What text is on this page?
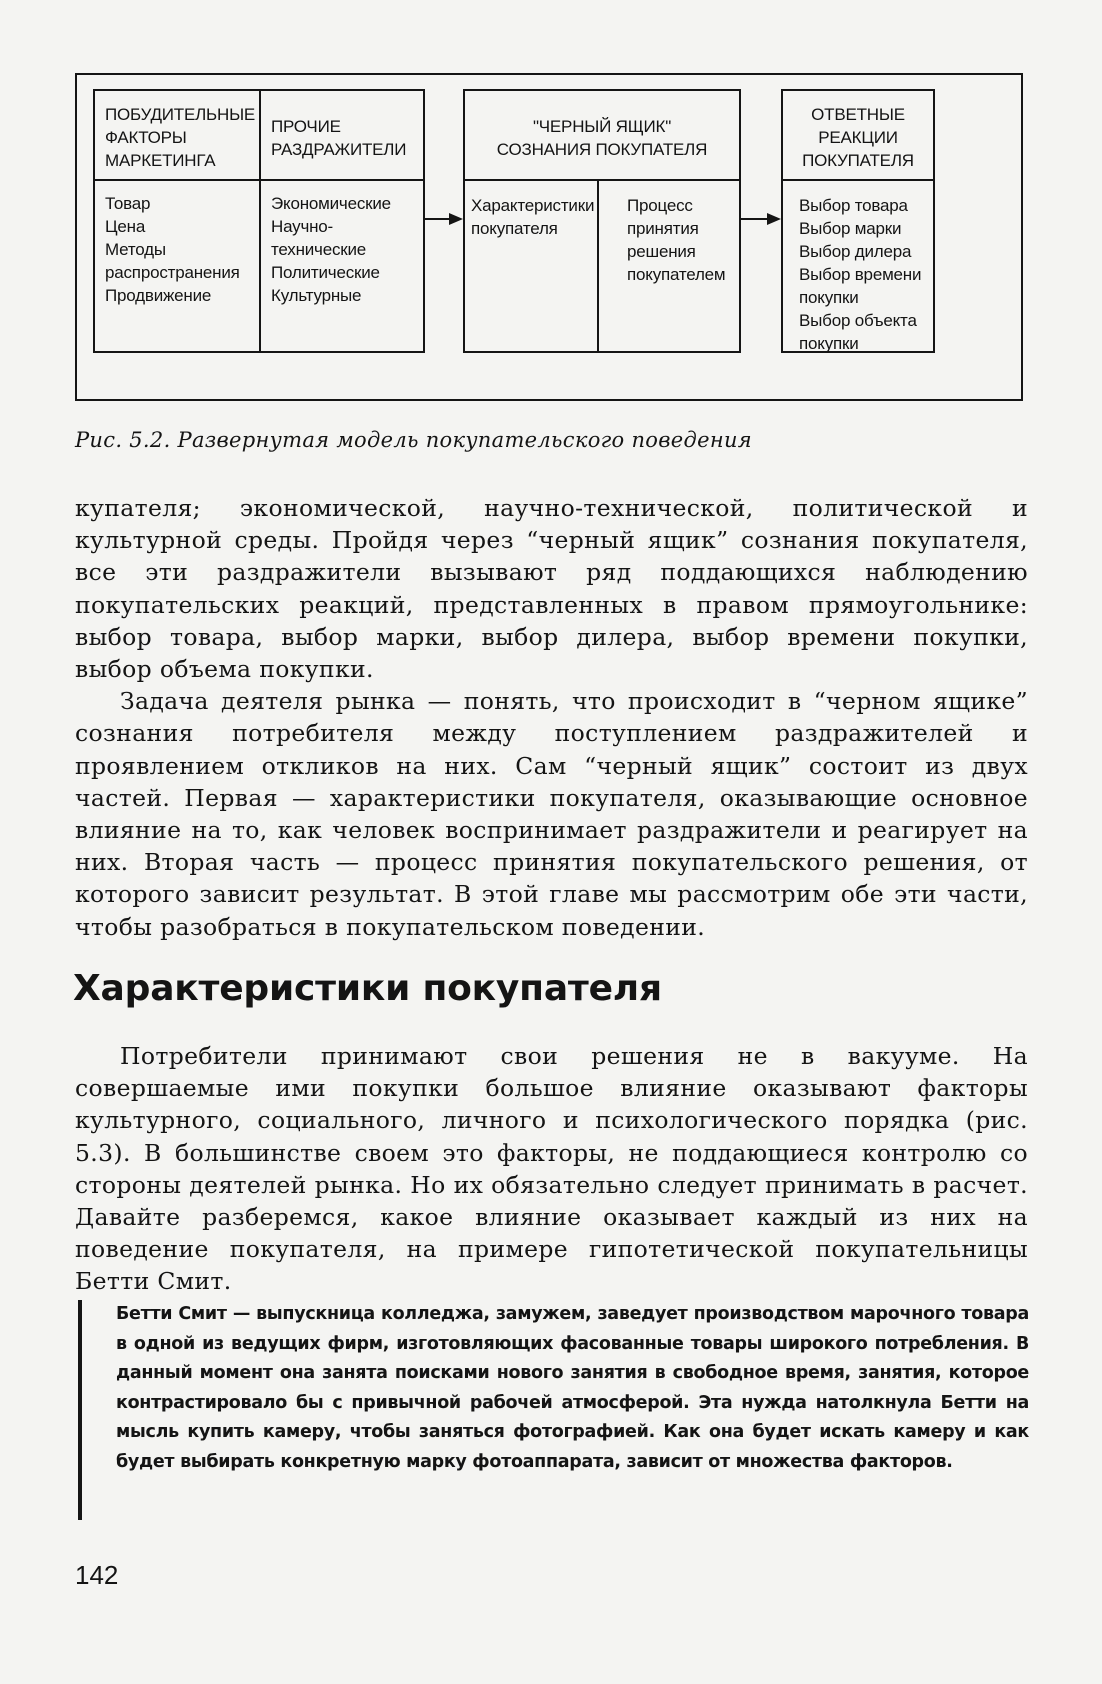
ПОБУДИТЕЛЬНЫЕ
ФАКТОРЫ
МАРКЕТИНГА
Товар
Цена
Методы
распространения
Продвижение
ПРОЧИЕ
РАЗДРАЖИТЕЛИ
Экономические
Научно-
технические
Политические
Культурные
"ЧЕРНЫЙ ЯЩИК"
СОЗНАНИЯ ПОКУПАТЕЛЯ
Характеристики
покупателя
Процесс
принятия
решения
покупателем
ОТВЕТНЫЕ
РЕАКЦИИ
ПОКУПАТЕЛЯ
Выбор товара
Выбор марки
Выбор дилера
Выбор времени
покупки
Выбор объекта
покупки
Рис. 5.2. Развернутая модель покупательского поведения

купателя; экономической, научно-технической, политической и культурной среды. Пройдя через “черный ящик” сознания покупателя, все эти раздражители вызывают ряд поддающихся наблюдению покупательских реакций, представленных в правом прямоугольнике: выбор товара, выбор марки, выбор дилера, выбор времени покупки, выбор объема покупки.

Задача деятеля рынка — понять, что происходит в “черном ящике” сознания потребителя между поступлением раздражителей и проявлением откликов на них. Сам “черный ящик” состоит из двух частей. Первая — характеристики покупателя, оказывающие основное влияние на то, как человек воспринимает раздражители и реагирует на них. Вторая часть — процесс принятия покупательского решения, от которого зависит результат. В этой главе мы рассмотрим обе эти части, чтобы разобраться в покупательском поведении.

Характеристики покупателя

Потребители принимают свои решения не в вакууме. На совершаемые ими покупки большое влияние оказывают факторы культурного, социального, личного и психологического порядка (рис. 5.3). В большинстве своем это факторы, не поддающиеся контролю со стороны деятелей рынка. Но их обязательно следует принимать в расчет. Давайте разберемся, какое влияние оказывает каждый из них на поведение покупателя, на примере гипотетической покупательницы Бетти Смит.

Бетти Смит — выпускница колледжа, замужем, заведует производством марочного товара в одной из ведущих фирм, изготовляющих фасованные товары широкого потребления. В данный момент она занята поисками нового занятия в свободное время, занятия, которое контрастировало бы с привычной рабочей атмосферой. Эта нужда натолкнула Бетти на мысль купить камеру, чтобы заняться фотографией. Как она будет искать камеру и как будет выбирать конкретную марку фотоаппарата, зависит от множества факторов.
142
